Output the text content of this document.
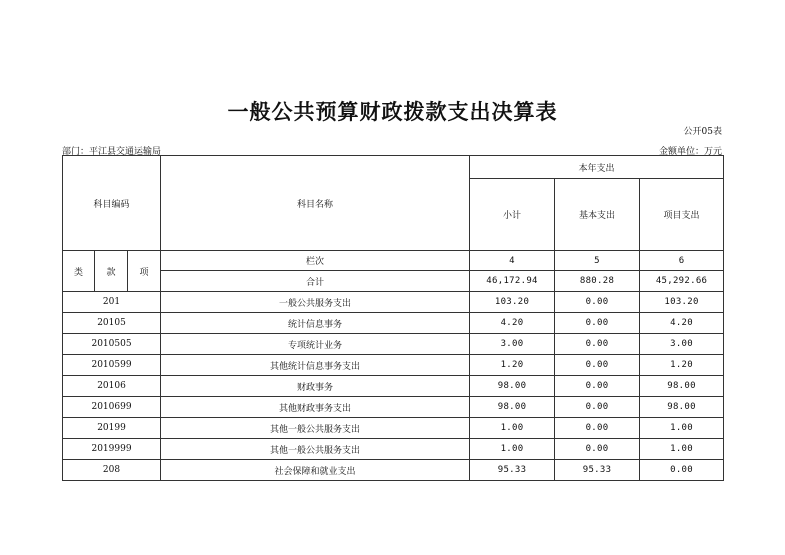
一般公共预算财政拨款支出决算表
公开05表
部门：平江县交通运输局	金额单位：万元
科目编码			科目名称	本年支出		
				小计	基本支出	项目支出
类	款	项	栏次	4	5	6
			合计	46,172.94	880.28	45,292.66
201			一般公共服务支出	103.20	0.00	103.20
20105			统计信息事务	4.20	0.00	4.20
2010505			专项统计业务	3.00	0.00	3.00
2010599			其他统计信息事务支出	1.20	0.00	1.20
20106			财政事务	98.00	0.00	98.00
2010699			其他财政事务支出	98.00	0.00	98.00
20199			其他一般公共服务支出	1.00	0.00	1.00
2019999			其他一般公共服务支出	1.00	0.00	1.00
208			社会保障和就业支出	95.33	95.33	0.00
